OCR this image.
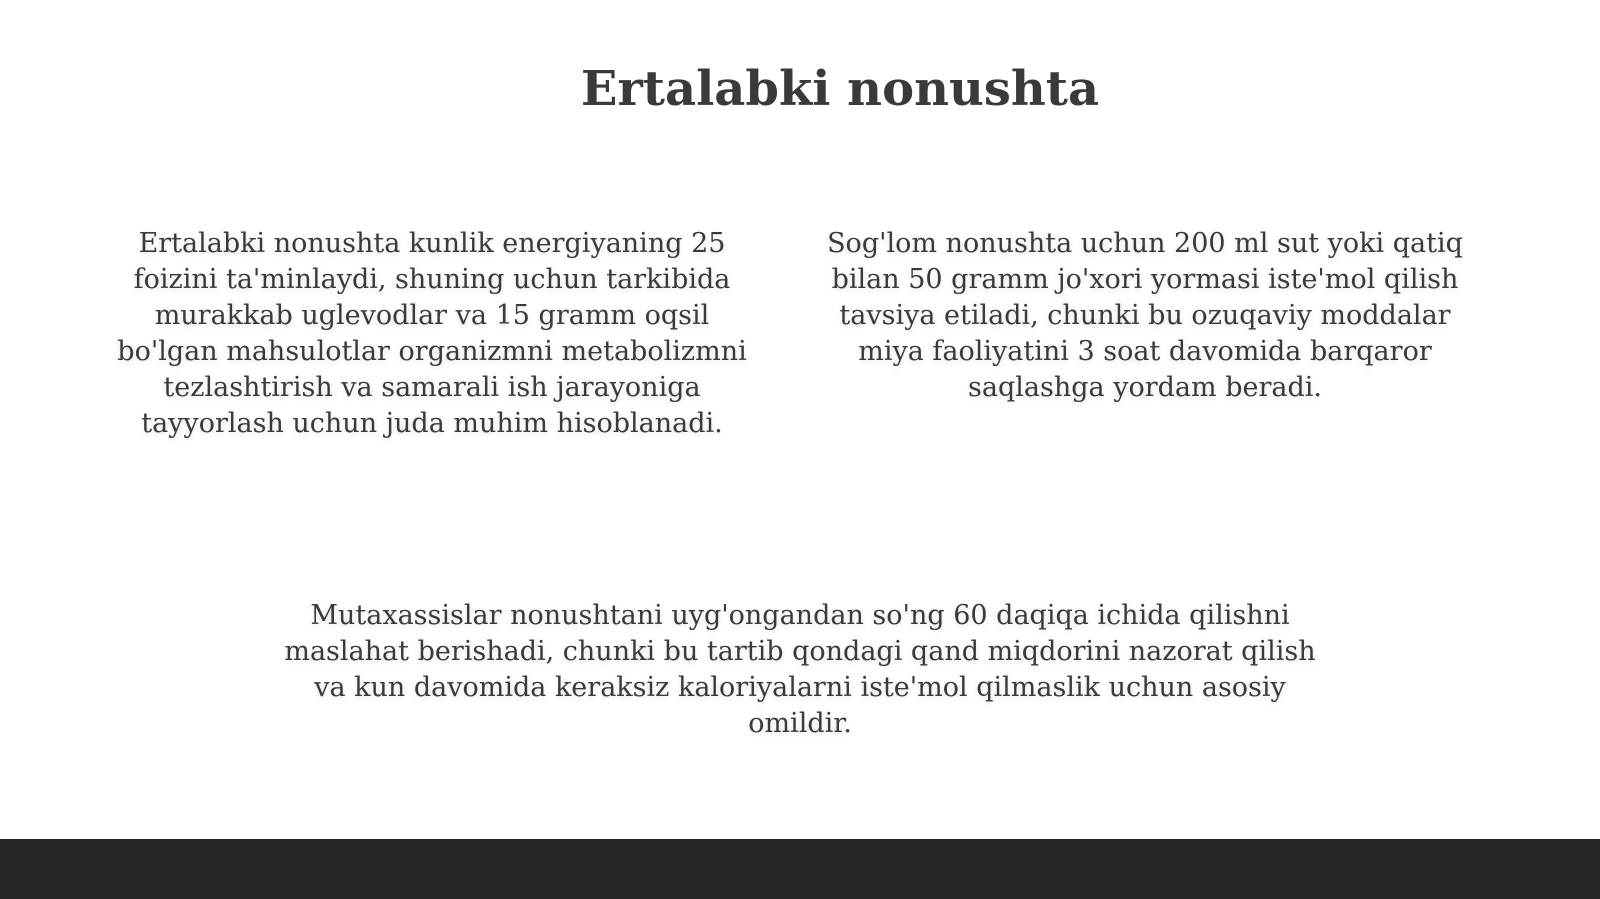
Ertalabki nonushta

Ertalabki nonushta kunlik energiyaning 25 foizini ta'minlaydi, shuning uchun tarkibida murakkab uglevodlar va 15 gramm oqsil bo'lgan mahsulotlar organizmni metabolizmni tezlashtirish va samarali ish jarayoniga tayyorlash uchun juda muhim hisoblanadi.

Sog'lom nonushta uchun 200 ml sut yoki qatiq bilan 50 gramm jo'xori yormasi iste'mol qilish tavsiya etiladi, chunki bu ozuqaviy moddalar miya faoliyatini 3 soat davomida barqaror saqlashga yordam beradi.

Mutaxassislar nonushtani uyg'ongandan so'ng 60 daqiqa ichida qilishni maslahat berishadi, chunki bu tartib qondagi qand miqdorini nazorat qilish va kun davomida keraksiz kaloriyalarni iste'mol qilmaslik uchun asosiy omildir.
